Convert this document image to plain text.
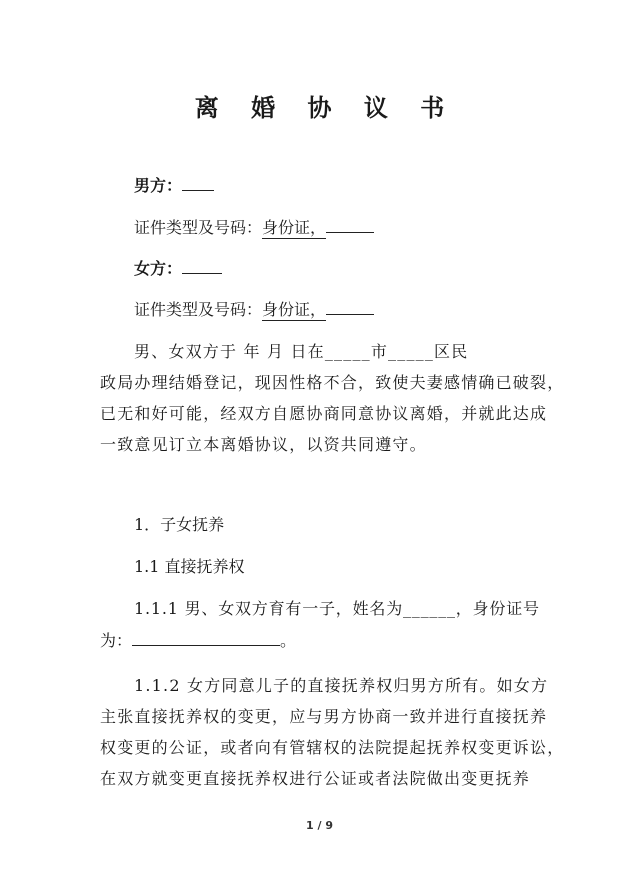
离 婚 协 议 书
男方：
证件类型及号码：身份证，
女方：
证件类型及号码：身份证，
男、女双方于 年 月 日在_____市_____区民
政局办理结婚登记，现因性格不合，致使夫妻感情确已破裂，
已无和好可能，经双方自愿协商同意协议离婚，并就此达成
一致意见订立本离婚协议，以资共同遵守。
1．子女抚养
1.1 直接抚养权
1.1.1 男、女双方育有一子，姓名为______，身份证号
为：	。
1.1.2 女方同意儿子的直接抚养权归男方所有。如女方
主张直接抚养权的变更，应与男方协商一致并进行直接抚养
权变更的公证，或者向有管辖权的法院提起抚养权变更诉讼，
在双方就变更直接抚养权进行公证或者法院做出变更抚养
1 / 9
